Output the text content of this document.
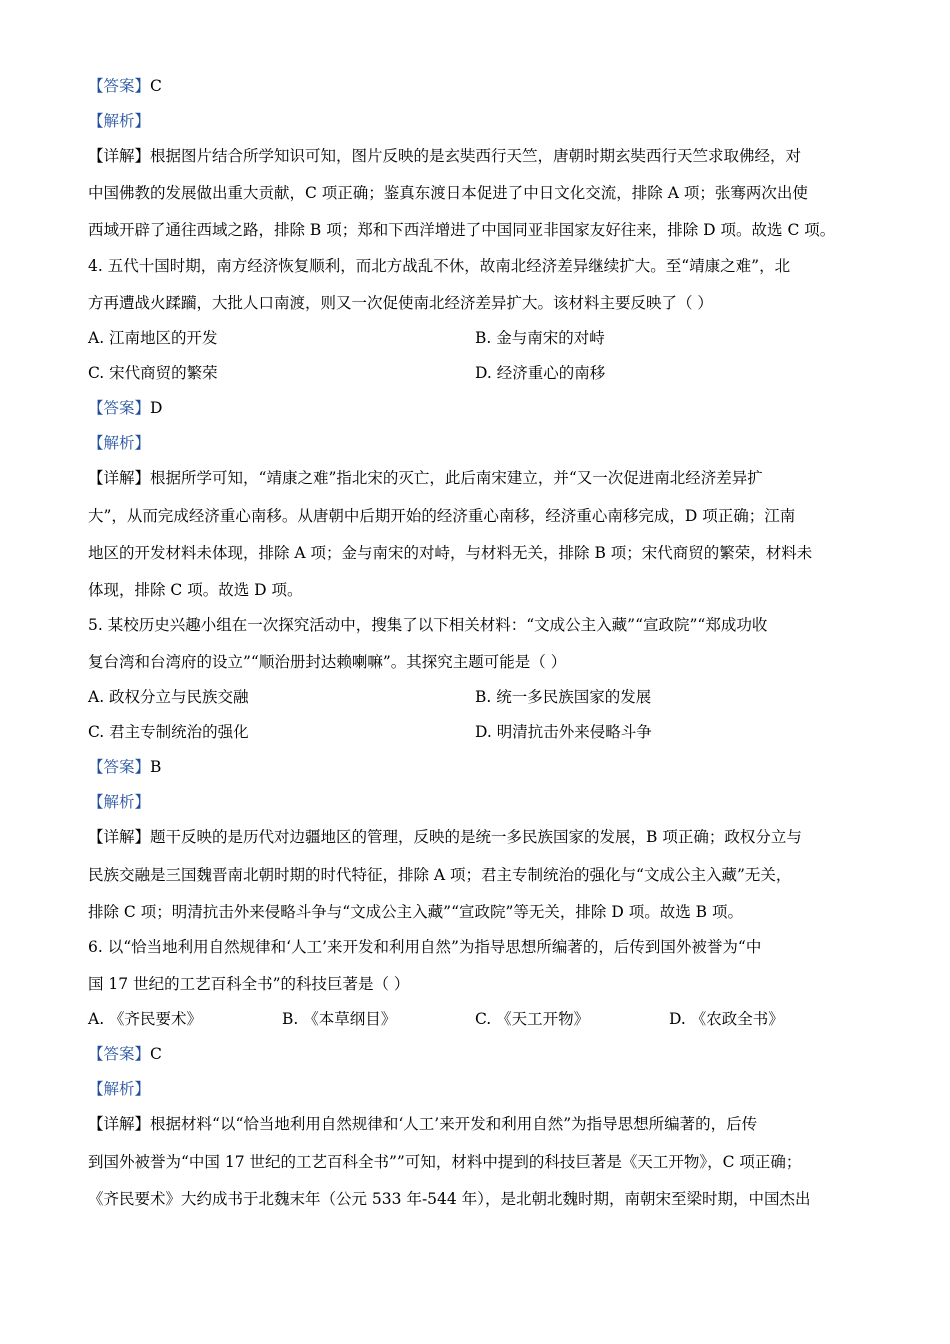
【答案】C
【解析】
【详解】根据图片结合所学知识可知，图片反映的是玄奘西行天竺，唐朝时期玄奘西行天竺求取佛经，对
中国佛教的发展做出重大贡献，C 项正确；鉴真东渡日本促进了中日文化交流，排除 A 项；张骞两次出使
西域开辟了通往西域之路，排除 B 项；郑和下西洋增进了中国同亚非国家友好往来，排除 D 项。故选 C 项。
4. 五代十国时期，南方经济恢复顺利，而北方战乱不休，故南北经济差异继续扩大。至“靖康之难”，北
方再遭战火蹂躏，大批人口南渡，则又一次促使南北经济差异扩大。该材料主要反映了（ ）
A. 江南地区的开发	B. 金与南宋的对峙
C. 宋代商贸的繁荣	D. 经济重心的南移
【答案】D
【解析】
【详解】根据所学可知，“靖康之难”指北宋的灭亡，此后南宋建立，并“又一次促进南北经济差异扩
大”，从而完成经济重心南移。从唐朝中后期开始的经济重心南移，经济重心南移完成，D 项正确；江南
地区的开发材料未体现，排除 A 项；金与南宋的对峙，与材料无关，排除 B 项；宋代商贸的繁荣，材料未
体现，排除 C 项。故选 D 项。
5. 某校历史兴趣小组在一次探究活动中，搜集了以下相关材料：“文成公主入藏”“宣政院”“郑成功收
复台湾和台湾府的设立”“顺治册封达赖喇嘛”。其探究主题可能是（ ）
A. 政权分立与民族交融	B. 统一多民族国家的发展
C. 君主专制统治的强化	D. 明清抗击外来侵略斗争
【答案】B
【解析】
【详解】题干反映的是历代对边疆地区的管理，反映的是统一多民族国家的发展，B 项正确；政权分立与
民族交融是三国魏晋南北朝时期的时代特征，排除 A 项；君主专制统治的强化与“文成公主入藏”无关，
排除 C 项；明清抗击外来侵略斗争与“文成公主入藏”“宣政院”等无关，排除 D 项。故选 B 项。
6. 以“恰当地利用自然规律和‘人工’来开发和利用自然”为指导思想所编著的，后传到国外被誉为“中
国 17 世纪的工艺百科全书”的科技巨著是（ ）
A. 《齐民要术》	B. 《本草纲目》	C. 《天工开物》	D. 《农政全书》
【答案】C
【解析】
【详解】根据材料“以“恰当地利用自然规律和‘人工’来开发和利用自然”为指导思想所编著的，后传
到国外被誉为“中国 17 世纪的工艺百科全书””可知，材料中提到的科技巨著是《天工开物》，C 项正确；
《齐民要术》大约成书于北魏末年（公元 533 年-544 年），是北朝北魏时期，南朝宋至梁时期，中国杰出
